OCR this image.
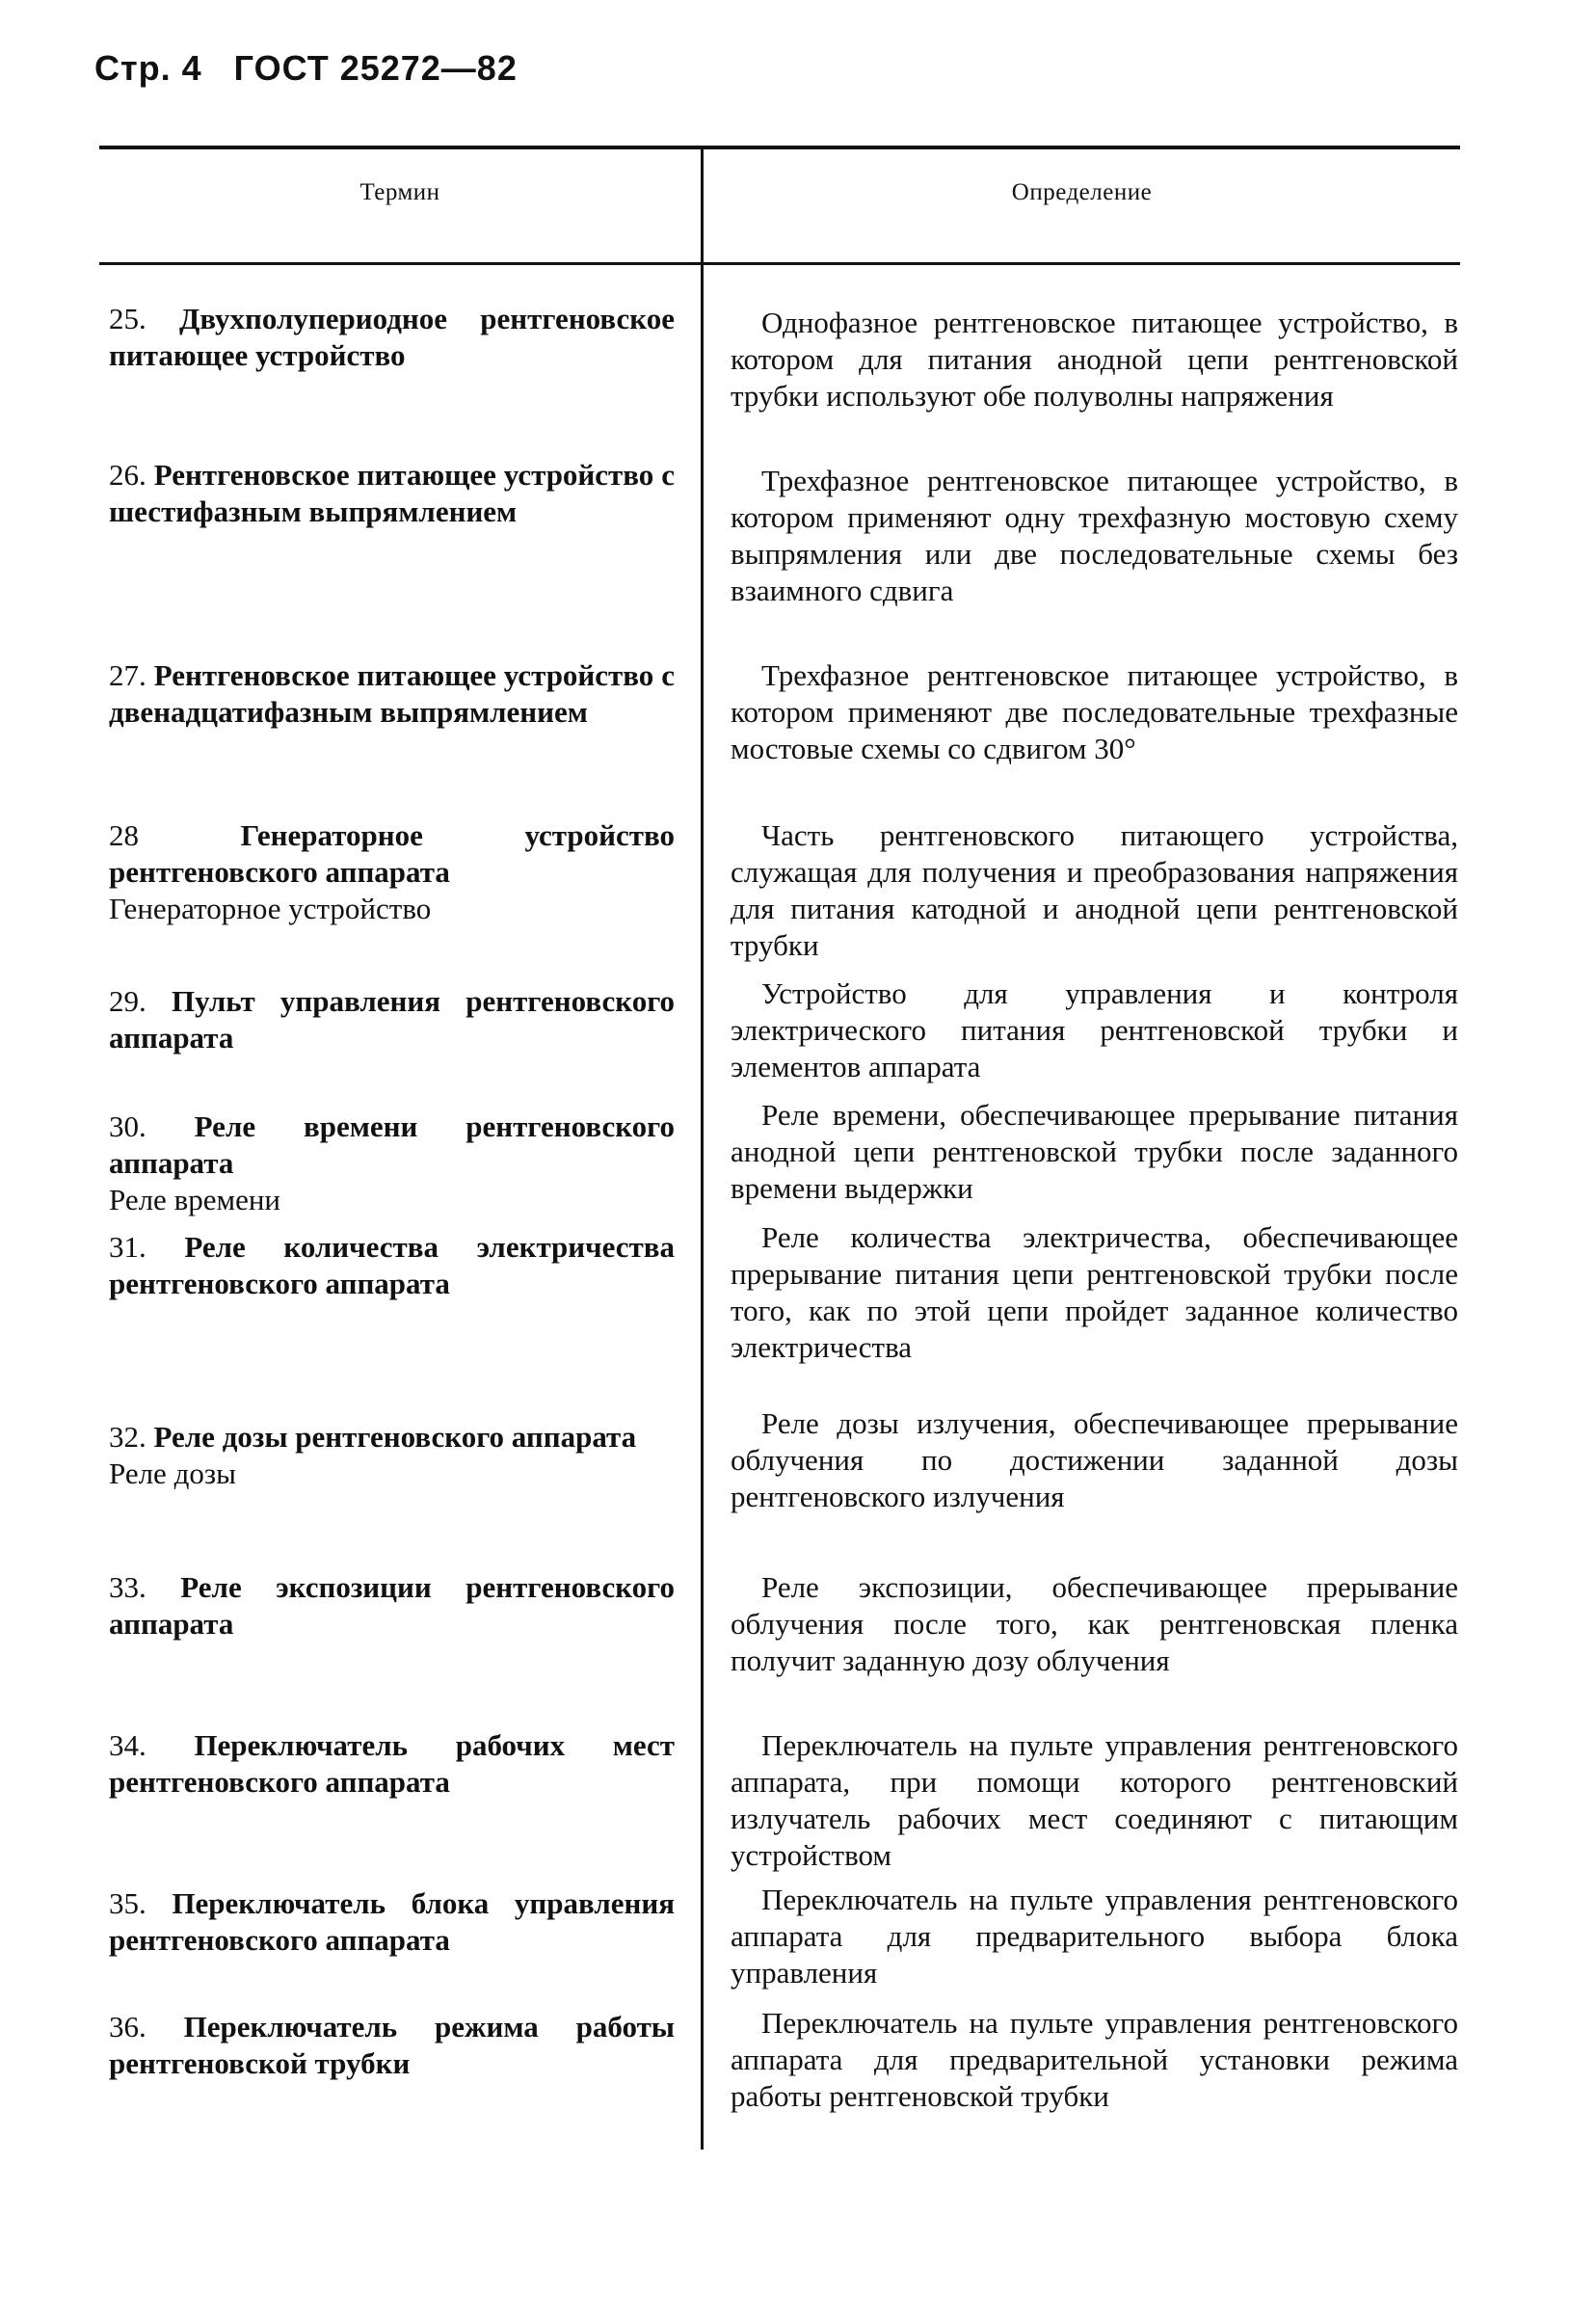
Стр. 4 ГОСТ 25272—82
Термин	Определение
25. Двухполупериодное рентгеновское питающее устройство
Однофазное рентгеновское питающее устройство, в котором для питания анодной цепи рентгеновской трубки используют обе полуволны напряжения
26. Рентгеновское питающее устройство с шестифазным выпрямлением
Трехфазное рентгеновское питающее устройство, в котором применяют одну трехфазную мостовую схему выпрямления или две последовательные схемы без взаимного сдвига
27. Рентгеновское питающее устройство с двенадцатифазным выпрямлением
Трехфазное рентгеновское питающее устройство, в котором применяют две последовательные трехфазные мостовые схемы со сдвигом 30°
28	Генераторное устройство рентгеновского аппарата
Генераторное устройство
Часть рентгеновского питающего устройства, служащая для получения и преобразования напряжения для питания катодной и анодной цепи рентгеновской трубки
29. Пульт управления рентгеновского аппарата
Устройство для управления и контроля электрического питания рентгеновской трубки и элементов аппарата
30. Реле времени рентгеновского аппарата
Реле времени
Реле времени, обеспечивающее прерывание питания анодной цепи рентгеновской трубки после заданного времени выдержки
31. Реле количества электричества рентгеновского аппарата
Реле количества электричества, обеспечивающее прерывание питания цепи рентгеновской трубки после того, как по этой цепи пройдет заданное количество электричества
32. Реле дозы рентгеновского аппарата
Реле дозы
Реле дозы излучения, обеспечивающее прерывание облучения по достижении заданной дозы рентгеновского излучения
33. Реле экспозиции рентгеновского аппарата
Реле экспозиции, обеспечивающее прерывание облучения после того, как рентгеновская пленка получит заданную дозу облучения
34. Переключатель рабочих мест рентгеновского аппарата
Переключатель на пульте управления рентгеновского аппарата, при помощи которого рентгеновский излучатель рабочих мест соединяют с питающим устройством
35. Переключатель блока управления рентгеновского аппарата
Переключатель на пульте управления рентгеновского аппарата для предварительного выбора блока управления
36. Переключатель режима работы рентгеновской трубки
Переключатель на пульте управления рентгеновского аппарата для предварительной установки режима работы рентгеновской трубки
